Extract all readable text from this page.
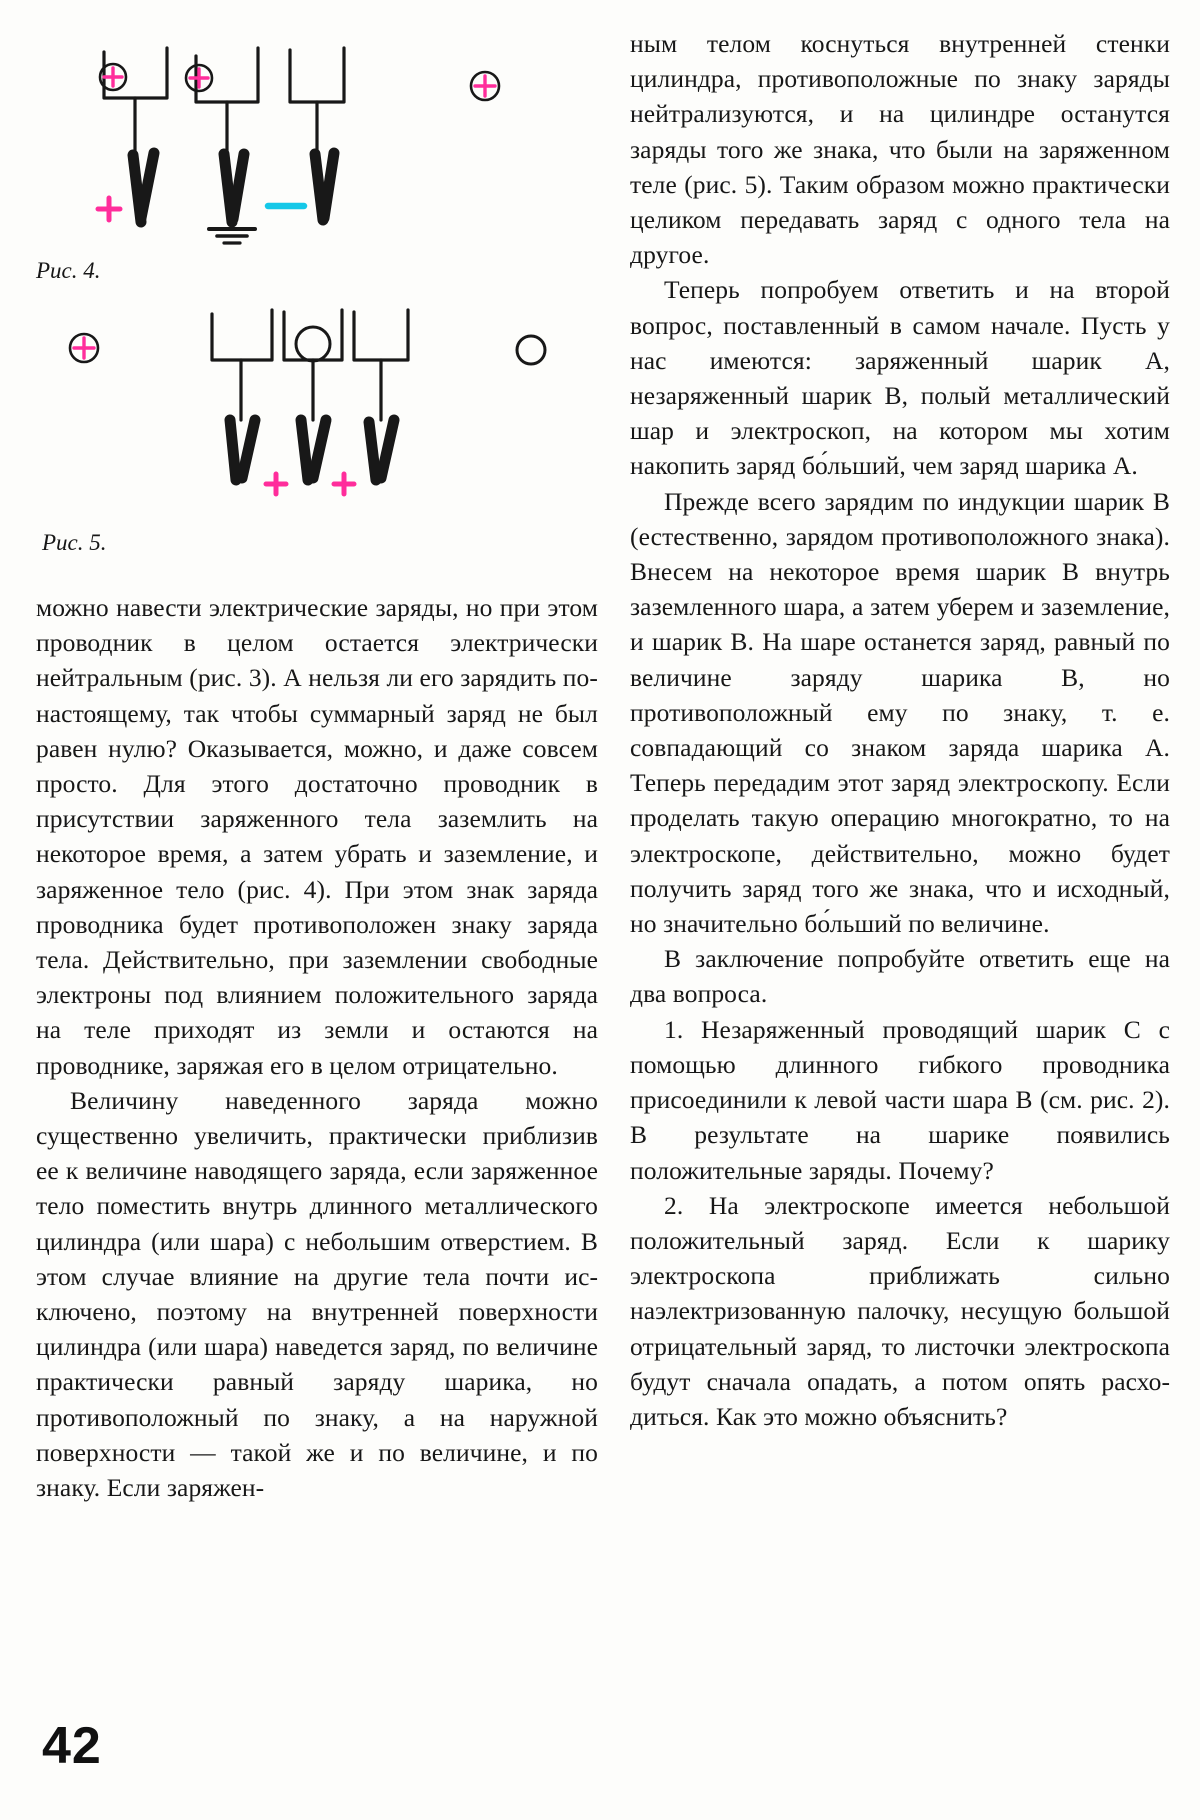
Рис. 4.

Рис. 5.

можно навести электрические заряды, но при этом проводник в целом остается электрически нейтральным (рис. 3). А нельзя ли его зарядить по-настоящему, так чтобы суммарный заряд не был равен нулю? Оказывается, можно, и даже совсем просто. Для этого достаточно проводник в присутствии заряженного тела заземлить на некоторое время, а затем убрать и заземление, и заряженное тело (рис. 4). При этом знак заряда проводника будет противоположен знаку заряда тела. Действительно, при заземлении свободные электроны под влиянием положительного заряда на теле приходят из земли и остаются на проводнике, заряжая его в целом отрицательно.

Величину наведенного заряда можно существенно увеличить, практически приблизив ее к величине наводящего заряда, если заряженное тело поместить внутрь длинного металлического цилиндра (или шара) с небольшим отверстием. В этом случае влияние на другие тела почти исключено, поэтому на внутренней поверхности цилиндра (или шара) наведется заряд, по величине практически равный заряду шарика, но противоположный по знаку, а на наружной поверхности — такой же и по величине, и по знаку. Если заряжен-

ным телом коснуться внутренней стенки цилиндра, противоположные по знаку заряды нейтрализуются, и на цилиндре останутся заряды того же знака, что были на заряженном теле (рис. 5). Таким образом можно практически целиком передавать заряд с одного тела на другое.

Теперь попробуем ответить и на второй вопрос, поставленный в самом начале. Пусть у нас имеются: заряженный шарик A, незаряженный шарик B, полый металлический шар и электроскоп, на котором мы хотим накопить заряд бо́льший, чем заряд шарика A.

Прежде всего зарядим по индукции шарик B (естественно, зарядом противоположного знака). Внесем на некоторое время шарик B внутрь заземленного шара, а затем уберем и заземление, и шарик B. На шаре останется заряд, равный по величине заряду шарика B, но противоположный ему по знаку, т. е. совпадающий со знаком заряда шарика A. Теперь передадим этот заряд электроскопу. Если проделать такую операцию многократно, то на электроскопе, действительно, можно будет получить заряд того же знака, что и исходный, но значительно бо́льший по величине.

В заключение попробуйте ответить еще на два вопроса.

1. Незаряженный проводящий шарик C с помощью длинного гибкого проводника присоединили к левой части шара B (см. рис. 2). В результате на шарике появились положительные заряды. Почему?

2. На электроскопе имеется небольшой положительный заряд. Если к шарику электроскопа приближать сильно наэлектризованную палочку, несущую большой отрицательный заряд, то листочки электроскопа будут сначала опадать, а потом опять расходиться. Как это можно объяснить?

42
